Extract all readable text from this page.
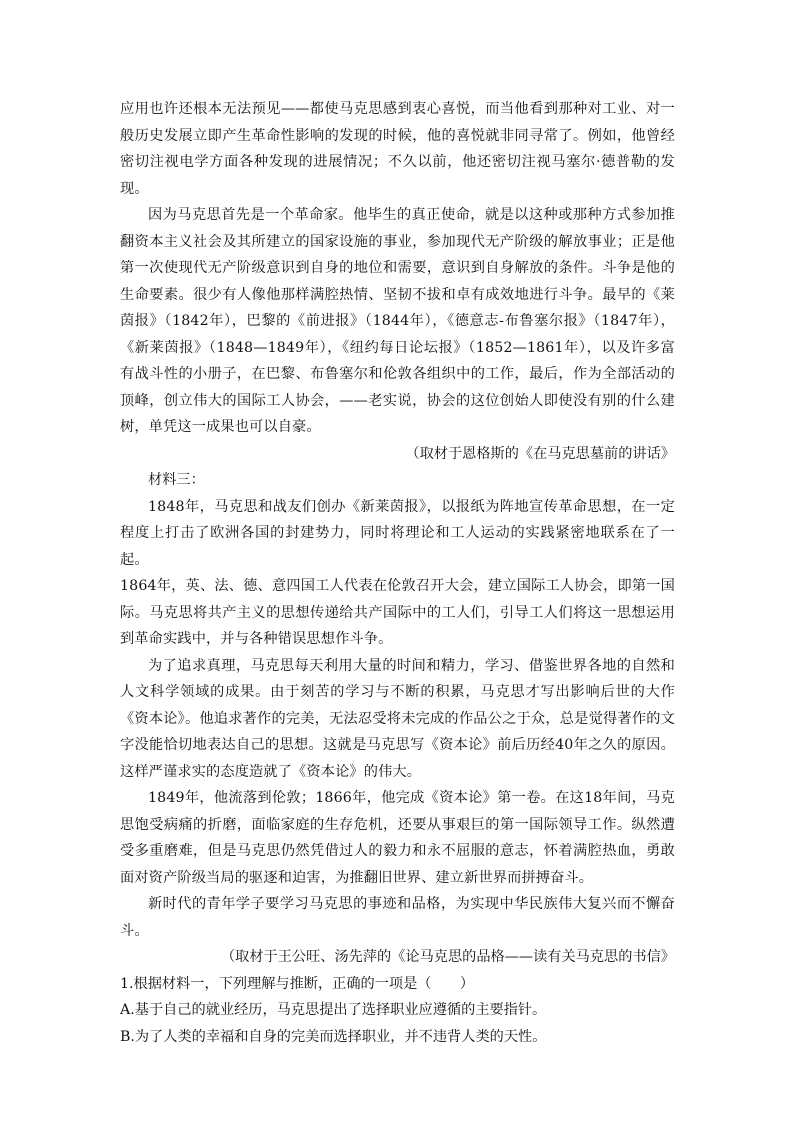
应用也许还根本无法预见——都使马克思感到衷心喜悦，而当他看到那种对工业、对一般历史发展立即产生革命性影响的发现的时候，他的喜悦就非同寻常了。例如，他曾经密切注视电学方面各种发现的进展情况；不久以前，他还密切注视马塞尔·德普勒的发现。

因为马克思首先是一个革命家。他毕生的真正使命，就是以这种或那种方式参加推翻资本主义社会及其所建立的国家设施的事业，参加现代无产阶级的解放事业；正是他第一次使现代无产阶级意识到自身的地位和需要，意识到自身解放的条件。斗争是他的生命要素。很少有人像他那样满腔热情、坚韧不拔和卓有成效地进行斗争。最早的《莱茵报》（1842年），巴黎的《前进报》（1844年），《德意志-布鲁塞尔报》（1847年），《新莱茵报》（1848—1849年），《纽约每日论坛报》（1852—1861年），以及许多富有战斗性的小册子，在巴黎、布鲁塞尔和伦敦各组织中的工作，最后，作为全部活动的顶峰，创立伟大的国际工人协会，——老实说，协会的这位创始人即使没有别的什么建树，单凭这一成果也可以自豪。

（取材于恩格斯的《在马克思墓前的讲话》

材料三：

1848年，马克思和战友们创办《新莱茵报》，以报纸为阵地宣传革命思想，在一定程度上打击了欧洲各国的封建势力，同时将理论和工人运动的实践紧密地联系在了一起。

1864年，英、法、德、意四国工人代表在伦敦召开大会，建立国际工人协会，即第一国际。马克思将共产主义的思想传递给共产国际中的工人们，引导工人们将这一思想运用到革命实践中，并与各种错误思想作斗争。

为了追求真理，马克思每天利用大量的时间和精力，学习、借鉴世界各地的自然和人文科学领域的成果。由于刻苦的学习与不断的积累，马克思才写出影响后世的大作《资本论》。他追求著作的完美，无法忍受将未完成的作品公之于众，总是觉得著作的文字没能恰切地表达自己的思想。这就是马克思写《资本论》前后历经40年之久的原因。这样严谨求实的态度造就了《资本论》的伟大。

1849年，他流落到伦敦；1866年，他完成《资本论》第一卷。在这18年间，马克思饱受病痛的折磨，面临家庭的生存危机，还要从事艰巨的第一国际领导工作。纵然遭受多重磨难，但是马克思仍然凭借过人的毅力和永不屈服的意志，怀着满腔热血，勇敢面对资产阶级当局的驱逐和迫害，为推翻旧世界、建立新世界而拼搏奋斗。

新时代的青年学子要学习马克思的事迹和品格，为实现中华民族伟大复兴而不懈奋斗。

（取材于王公旺、汤先萍的《论马克思的品格——读有关马克思的书信》

1.根据材料一，下列理解与推断，正确的一项是（　　）

A.基于自己的就业经历，马克思提出了选择职业应遵循的主要指针。

B.为了人类的幸福和自身的完美而选择职业，并不违背人类的天性。
